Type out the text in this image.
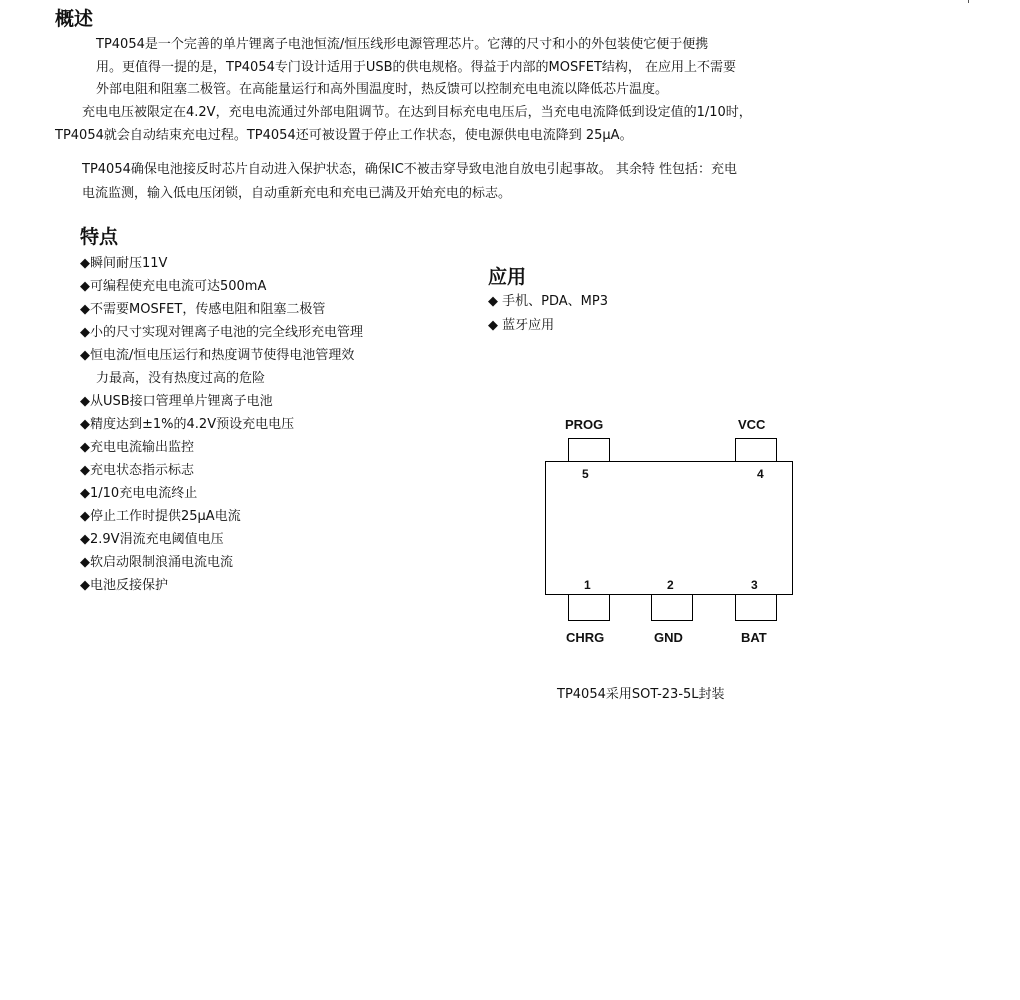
概述
TP4054是一个完善的单片锂离子电池恒流/恒压线形电源管理芯片。它薄的尺寸和小的外包装使它便于便携
用。更值得一提的是，TP4054专门设计适用于USB的供电规格。得益于内部的MOSFET结构， 在应用上不需要
外部电阻和阻塞二极管。在高能量运行和高外围温度时，热反馈可以控制充电电流以降低芯片温度。
充电电压被限定在4.2V，充电电流通过外部电阻调节。在达到目标充电电压后，当充电电流降低到设定值的1/10时，
TP4054就会自动结束充电过程。TP4054还可被设置于停止工作状态，使电源供电电流降到 25μA。
TP4054确保电池接反时芯片自动进入保护状态，确保IC不被击穿导致电池自放电引起事故。 其余特 性包括：充电
电流监测，输入低电压闭锁，自动重新充电和充电已满及开始充电的标志。
特点
◆瞬间耐压11V
◆可编程使充电电流可达500mA
◆不需要MOSFET，传感电阻和阻塞二极管
◆小的尺寸实现对锂离子电池的完全线形充电管理
◆恒电流/恒电压运行和热度调节使得电池管理效
力最高，没有热度过高的危险
◆从USB接口管理单片锂离子电池
◆精度达到±1%的4.2V预设充电电压
◆充电电流输出监控
◆充电状态指示标志
◆1/10充电电流终止
◆停止工作时提供25μA电流
◆2.9V涓流充电阈值电压
◆软启动限制浪涌电流电流
◆电池反接保护
应用
◆ 手机、PDA、MP3
◆ 蓝牙应用
PROG	VCC
5	4
1	2	3
CHRG	GND	BAT
TP4054采用SOT-23-5L封装
